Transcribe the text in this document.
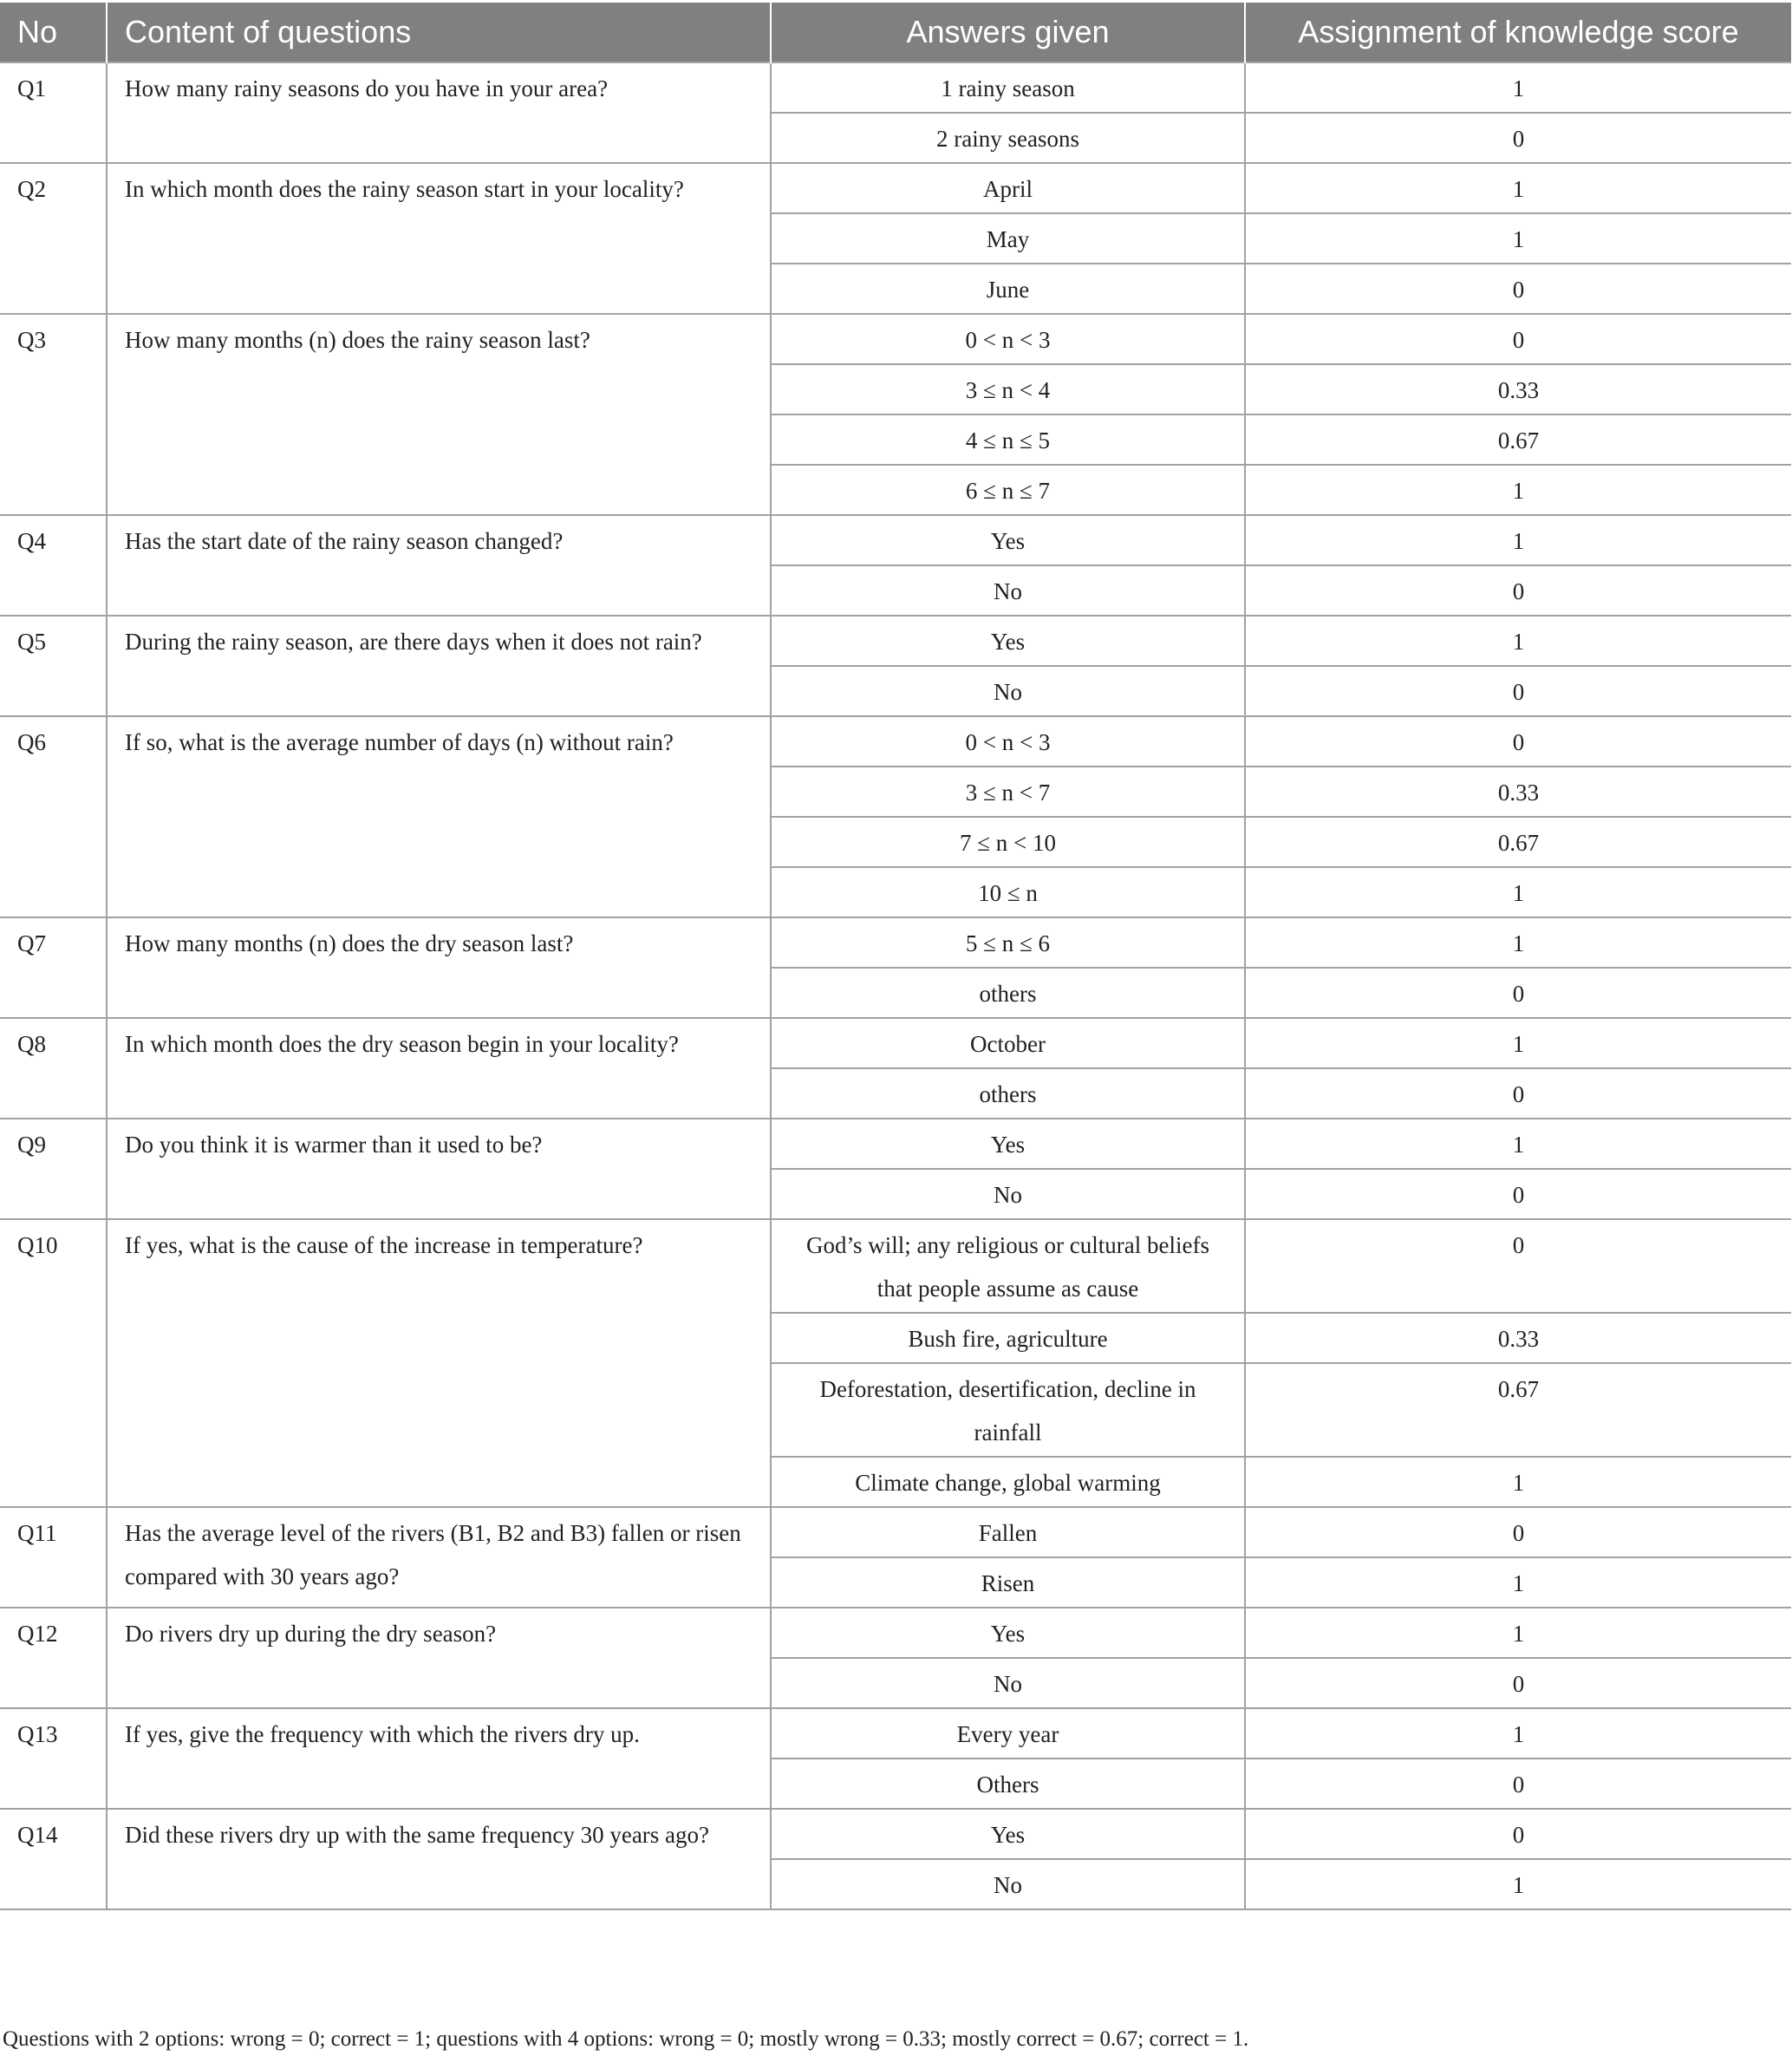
No	Content of questions	Answers given	Assignment of knowledge score
Q1	How many rainy seasons do you have in your area?	1 rainy season	1
		2 rainy seasons	0
Q2	In which month does the rainy season start in your locality?	April	1
		May	1
		June	0
Q3	How many months (n) does the rainy season last?	0 < n < 3	0
		3 ≤ n < 4	0.33
		4 ≤ n ≤ 5	0.67
		6 ≤ n ≤ 7	1
Q4	Has the start date of the rainy season changed?	Yes	1
		No	0
Q5	During the rainy season, are there days when it does not rain?	Yes	1
		No	0
Q6	If so, what is the average number of days (n) without rain?	0 < n < 3	0
		3 ≤ n < 7	0.33
		7 ≤ n < 10	0.67
		10 ≤ n	1
Q7	How many months (n) does the dry season last?	5 ≤ n ≤ 6	1
		others	0
Q8	In which month does the dry season begin in your locality?	October	1
		others	0
Q9	Do you think it is warmer than it used to be?	Yes	1
		No	0
Q10	If yes, what is the cause of the increase in temperature?	God’s will; any religious or cultural beliefs that people assume as cause	0
		Bush fire, agriculture	0.33
		Deforestation, desertification, decline in rainfall	0.67
		Climate change, global warming	1
Q11	Has the average level of the rivers (B1, B2 and B3) fallen or risen compared with 30 years ago?	Fallen	0
		Risen	1
Q12	Do rivers dry up during the dry season?	Yes	1
		No	0
Q13	If yes, give the frequency with which the rivers dry up.	Every year	1
		Others	0
Q14	Did these rivers dry up with the same frequency 30 years ago?	Yes	0
		No	1
Questions with 2 options: wrong = 0; correct = 1; questions with 4 options: wrong = 0; mostly wrong = 0.33; mostly correct = 0.67; correct = 1.
